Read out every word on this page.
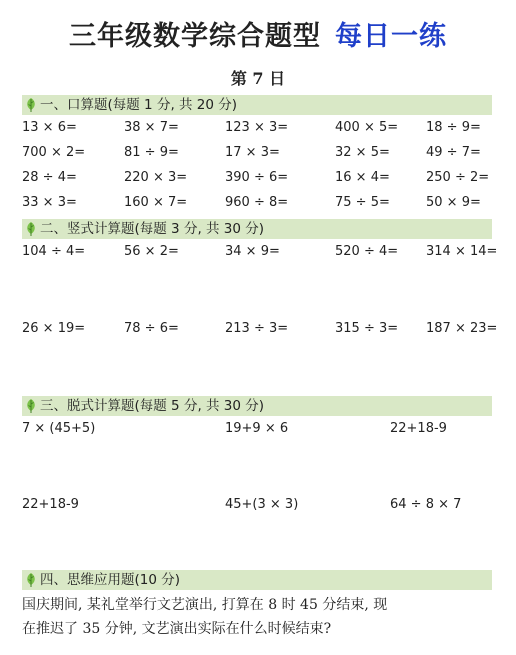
三年级数学综合题型 每日一练
第 7 日
一、口算题(每题 1 分, 共 20 分)
13 × 6=	38 × 7=	123 × 3=	400 × 5= 18 ÷ 9=
700 × 2=	81 ÷ 9=	17 × 3=	32 × 5=	49 ÷ 7=
28 ÷ 4=	220 × 3=	390 ÷ 6=	16 × 4=	250 ÷ 2=
33 × 3=	160 × 7=	960 ÷ 8=	75 ÷ 5=	50 × 9=
二、竖式计算题(每题 3 分, 共 30 分)
104 ÷ 4=	56 × 2=	34 × 9=	520 ÷ 4= 314 × 14=
26 × 19=	78 ÷ 6=	213 ÷ 3=	315 ÷ 3= 187 × 23=
三、脱式计算题(每题 5 分, 共 30 分)
7 × (45+5)	19+9 × 6	22+18-9
22+18-9	45+(3 × 3)	64 ÷ 8 × 7
四、思维应用题(10 分)
国庆期间, 某礼堂举行文艺演出, 打算在 8 时 45 分结束, 现
在推迟了 35 分钟, 文艺演出实际在什么时候结束?
